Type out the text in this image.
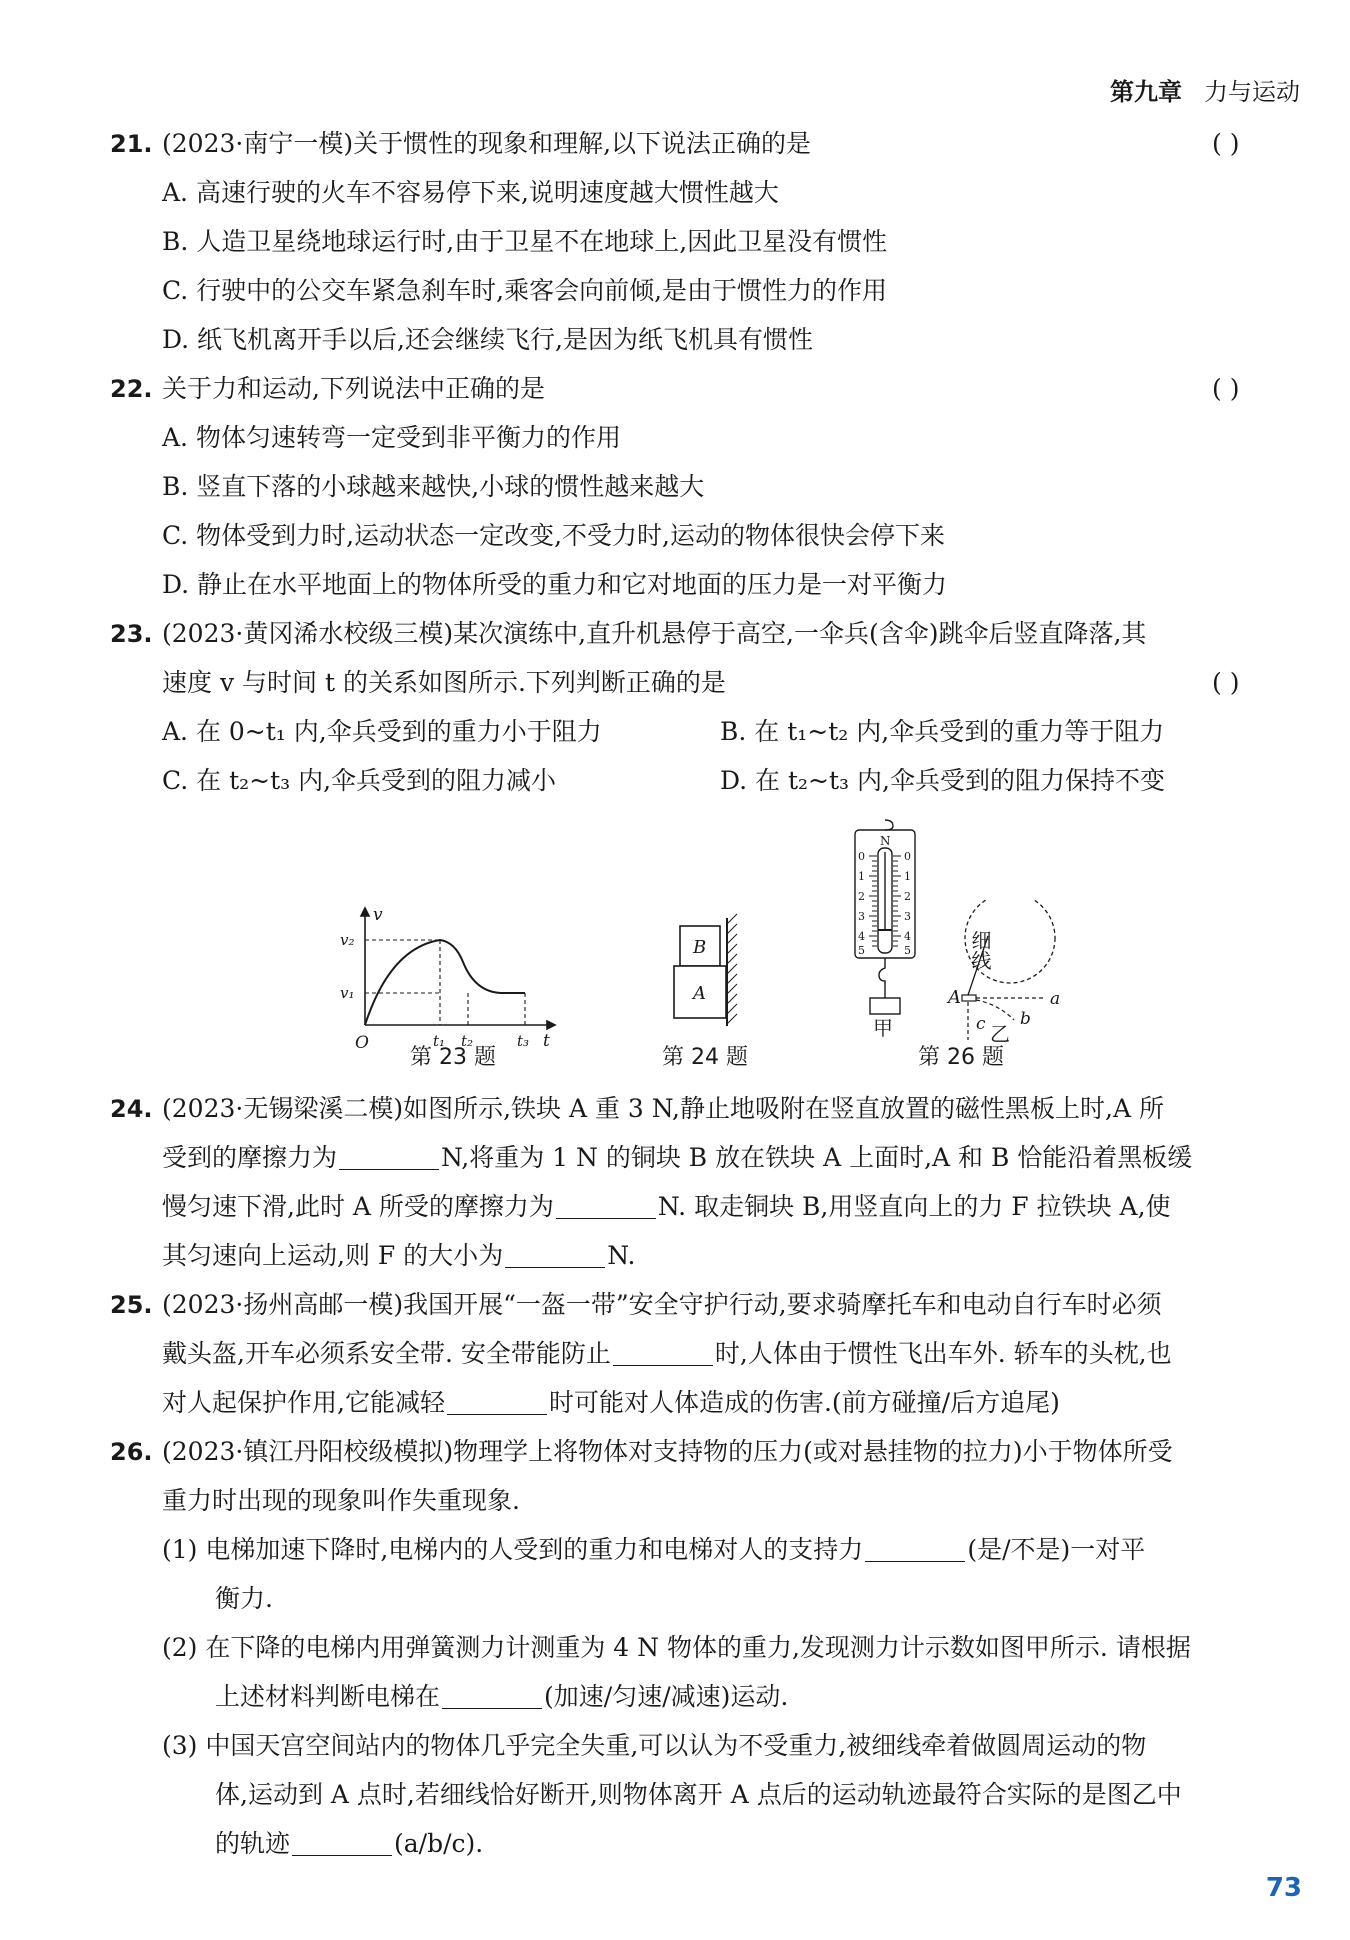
第九章 力与运动
21. (2023·南宁一模)关于惯性的现象和理解,以下说法正确的是	( )
A. 高速行驶的火车不容易停下来,说明速度越大惯性越大
B. 人造卫星绕地球运行时,由于卫星不在地球上,因此卫星没有惯性
C. 行驶中的公交车紧急刹车时,乘客会向前倾,是由于惯性力的作用
D. 纸飞机离开手以后,还会继续飞行,是因为纸飞机具有惯性
22. 关于力和运动,下列说法中正确的是	( )
A. 物体匀速转弯一定受到非平衡力的作用
B. 竖直下落的小球越来越快,小球的惯性越来越大
C. 物体受到力时,运动状态一定改变,不受力时,运动的物体很快会停下来
D. 静止在水平地面上的物体所受的重力和它对地面的压力是一对平衡力
23. (2023·黄冈浠水校级三模)某次演练中,直升机悬停于高空,一伞兵(含伞)跳伞后竖直降落,其
速度 v 与时间 t 的关系如图所示.下列判断正确的是	( )
A. 在 0~t₁ 内,伞兵受到的重力小于阻力	B. 在 t₁~t₂ 内,伞兵受到的重力等于阻力
C. 在 t₂~t₃ 内,伞兵受到的阻力减小	D. 在 t₂~t₃ 内,伞兵受到的阻力保持不变
v
v₂
v₁
O	t₁ t₂	t₃ t
第 23 题
B
A
第 24 题
N
0
1
2
3
4
5
0
1
2
3
4
5
甲
细线
A	a
b
c 乙
第 26 题
24. (2023·无锡梁溪二模)如图所示,铁块 A 重 3 N,静止地吸附在竖直放置的磁性黑板上时,A 所
受到的摩擦力为	N,将重为 1 N 的铜块 B 放在铁块 A 上面时,A 和 B 恰能沿着黑板缓
慢匀速下滑,此时 A 所受的摩擦力为	N. 取走铜块 B,用竖直向上的力 F 拉铁块 A,使
其匀速向上运动,则 F 的大小为	N.
25. (2023·扬州高邮一模)我国开展“一盔一带”安全守护行动,要求骑摩托车和电动自行车时必须
戴头盔,开车必须系安全带. 安全带能防止	时,人体由于惯性飞出车外. 轿车的头枕,也
对人起保护作用,它能减轻	时可能对人体造成的伤害.(前方碰撞/后方追尾)
26. (2023·镇江丹阳校级模拟)物理学上将物体对支持物的压力(或对悬挂物的拉力)小于物体所受
重力时出现的现象叫作失重现象.
(1) 电梯加速下降时,电梯内的人受到的重力和电梯对人的支持力	(是/不是)一对平
衡力.
(2) 在下降的电梯内用弹簧测力计测重为 4 N 物体的重力,发现测力计示数如图甲所示. 请根据
上述材料判断电梯在	(加速/匀速/减速)运动.
(3) 中国天宫空间站内的物体几乎完全失重,可以认为不受重力,被细线牵着做圆周运动的物
体,运动到 A 点时,若细线恰好断开,则物体离开 A 点后的运动轨迹最符合实际的是图乙中
的轨迹	(a/b/c).
73
